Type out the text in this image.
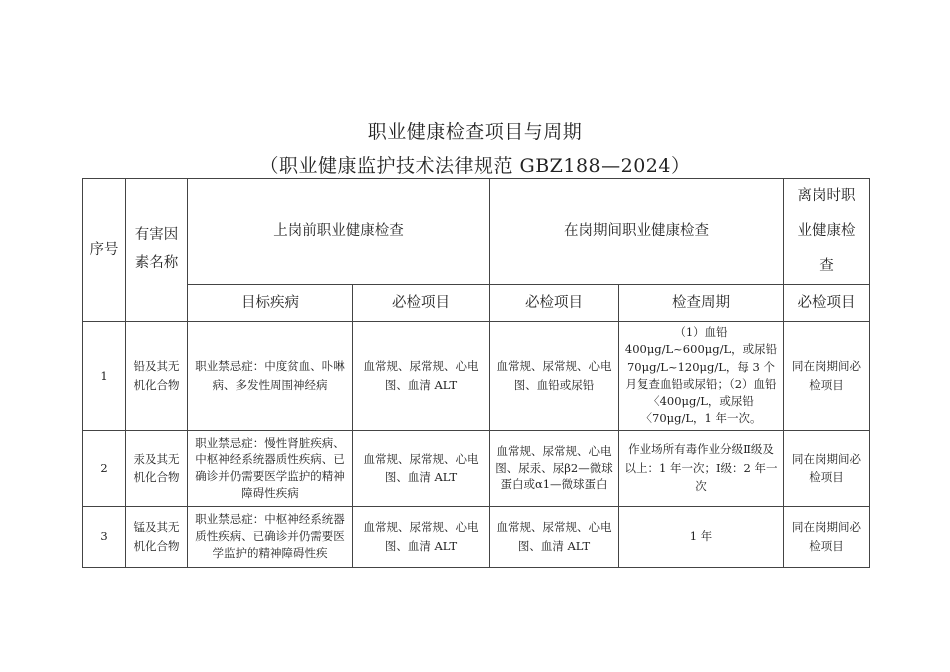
职业健康检查项目与周期
（职业健康监护技术法律规范 GBZ188—2024）
序号	有害因素名称	上岗前职业健康检查		在岗期间职业健康检查		离岗时职业健康检查
		目标疾病	必检项目	必检项目	检查周期	必检项目
1	铅及其无机化合物	职业禁忌症：中度贫血、卟啉病、多发性周围神经病	血常规、尿常规、心电图、血清 ALT	血常规、尿常规、心电图、血铅或尿铅	（1）血铅 400μg/L~600μg/L，或尿铅 70μg/L~120μg/L，每 3 个月复查血铅或尿铅；（2）血铅〈400μg/L，或尿铅〈70μg/L，1 年一次。	同在岗期间必检项目
2	汞及其无机化合物	职业禁忌症：慢性肾脏疾病、中枢神经系统器质性疾病、已确诊并仍需要医学监护的精神障碍性疾病	血常规、尿常规、心电图、血清 ALT	血常规、尿常规、心电图、尿汞、尿β2—微球蛋白或α1—微球蛋白	作业场所有毒作业分级Ⅱ级及以上：1 年一次；Ⅰ级：2 年一次	同在岗期间必检项目
3	锰及其无机化合物	职业禁忌症：中枢神经系统器质性疾病、已确诊并仍需要医学监护的精神障碍性疾	血常规、尿常规、心电图、血清 ALT	血常规、尿常规、心电图、血清 ALT	1 年	同在岗期间必检项目
